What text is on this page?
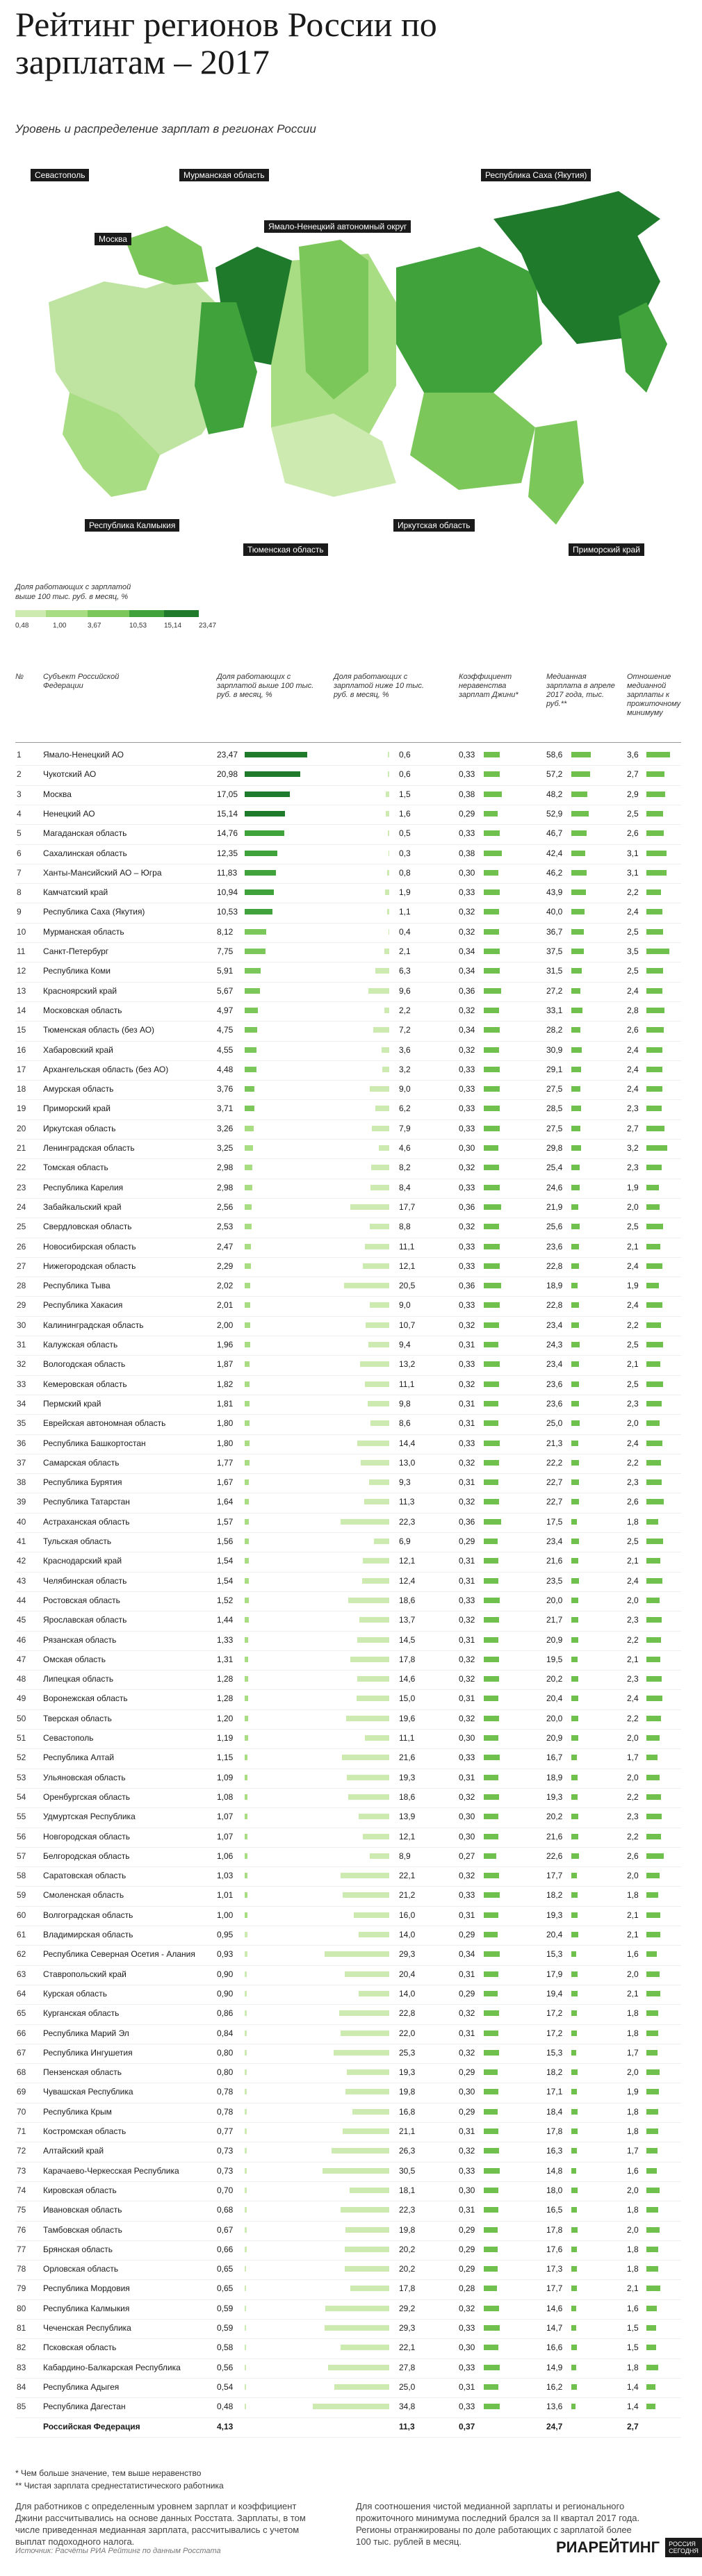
Рейтинг регионов России по зарплатам – 2017
Уровень и распределение зарплат в регионах России
Севастополь
Москва
Мурманская область
Ямало-Ненецкий автономный округ
Республика Саха (Якутия)
Республика Калмыкия
Тюменская область
Иркутская область
Приморский край
Доля работающих с зарплатой выше 100 тыс. руб. в месяц, %
0,48	1,00	3,67	10,53 15,14 23,47
№	Субъект Российской Федерации
Доля работающих с зарплатой выше 100 тыс. руб. в месяц, %
Доля работающих с зарплатой ниже 10 тыс. руб. в месяц, %
Коэффициент неравенства зарплат Джини*
Медианная зарплата в апреле 2017 года, тыс. руб.**
Отношение медианной зарплаты к прожиточному минимуму
1	Ямало-Ненецкий АО	23,47	0,6	0,33	58,6	3,6
2	Чукотский АО	20,98	0,6	0,33	57,2	2,7
3	Москва	17,05	1,5	0,38	48,2	2,9
4	Ненецкий АО	15,14	1,6	0,29	52,9	2,5
5	Магаданская область	14,76	0,5	0,33	46,7	2,6
6	Сахалинская область	12,35	0,3	0,38	42,4	3,1
7	Ханты-Мансийский АО – Югра	11,83	0,8	0,30	46,2	3,1
8	Камчатский край	10,94	1,9	0,33	43,9	2,2
9	Республика Саха (Якутия)	10,53	1,1	0,32	40,0	2,4
10 Мурманская область	8,12	0,4	0,32	36,7	2,5
11 Санкт-Петербург	7,75	2,1	0,34	37,5	3,5
12 Республика Коми	5,91	6,3	0,34	31,5	2,5
13 Красноярский край	5,67	9,6	0,36	27,2	2,4
14 Московская область	4,97	2,2	0,32	33,1	2,8
15 Тюменская область (без АО)	4,75	7,2	0,34	28,2	2,6
16 Хабаровский край	4,55	3,6	0,32	30,9	2,4
17 Архангельская область (без АО)	4,48	3,2	0,33	29,1	2,4
18 Амурская область	3,76	9,0	0,33	27,5	2,4
19 Приморский край	3,71	6,2	0,33	28,5	2,3
20 Иркутская область	3,26	7,9	0,33	27,5	2,7
21 Ленинградская область	3,25	4,6	0,30	29,8	3,2
22 Томская область	2,98	8,2	0,32	25,4	2,3
23 Республика Карелия	2,98	8,4	0,33	24,6	1,9
24 Забайкальский край	2,56	17,7	0,36	21,9	2,0
25 Свердловская область	2,53	8,8	0,32	25,6	2,5
26 Новосибирская область	2,47	11,1	0,33	23,6	2,1
27 Нижегородская область	2,29	12,1	0,33	22,8	2,4
28 Республика Тыва	2,02	20,5	0,36	18,9	1,9
29 Республика Хакасия	2,01	9,0	0,33	22,8	2,4
30 Калининградская область	2,00	10,7	0,32	23,4	2,2
31 Калужская область	1,96	9,4	0,31	24,3	2,5
32 Вологодская область	1,87	13,2	0,33	23,4	2,1
33 Кемеровская область	1,82	11,1	0,32	23,6	2,5
34 Пермский край	1,81	9,8	0,31	23,6	2,3
35 Еврейская автономная область	1,80	8,6	0,31	25,0	2,0
36 Республика Башкортостан	1,80	14,4	0,33	21,3	2,4
37 Самарская область	1,77	13,0	0,32	22,2	2,2
38 Республика Бурятия	1,67	9,3	0,31	22,7	2,3
39 Республика Татарстан	1,64	11,3	0,32	22,7	2,6
40 Астраханская область	1,57	22,3	0,36	17,5	1,8
41 Тульская область	1,56	6,9	0,29	23,4	2,5
42 Краснодарский край	1,54	12,1	0,31	21,6	2,1
43 Челябинская область	1,54	12,4	0,31	23,5	2,4
44 Ростовская область	1,52	18,6	0,33	20,0	2,0
45 Ярославская область	1,44	13,7	0,32	21,7	2,3
46 Рязанская область	1,33	14,5	0,31	20,9	2,2
47 Омская область	1,31	17,8	0,32	19,5	2,1
48 Липецкая область	1,28	14,6	0,32	20,2	2,3
49 Воронежская область	1,28	15,0	0,31	20,4	2,4
50 Тверская область	1,20	19,6	0,32	20,0	2,2
51 Севастополь	1,19	11,1	0,30	20,9	2,0
52 Республика Алтай	1,15	21,6	0,33	16,7	1,7
53 Ульяновская область	1,09	19,3	0,31	18,9	2,0
54 Оренбургская область	1,08	18,6	0,32	19,3	2,2
55 Удмуртская Республика	1,07	13,9	0,30	20,2	2,3
56 Новгородская область	1,07	12,1	0,30	21,6	2,2
57 Белгородская область	1,06	8,9	0,27	22,6	2,6
58 Саратовская область	1,03	22,1	0,32	17,7	2,0
59 Смоленская область	1,01	21,2	0,33	18,2	1,8
60 Волгоградская область	1,00	16,0	0,31	19,3	2,1
61 Владимирская область	0,95	14,0	0,29	20,4	2,1
62 Республика Северная Осетия - Алания	0,93	29,3	0,34	15,3	1,6
63 Ставропольский край	0,90	20,4	0,31	17,9	2,0
64 Курская область	0,90	14,0	0,29	19,4	2,1
65 Курганская область	0,86	22,8	0,32	17,2	1,8
66 Республика Марий Эл	0,84	22,0	0,31	17,2	1,8
67 Республика Ингушетия	0,80	25,3	0,32	15,3	1,7
68 Пензенская область	0,80	19,3	0,29	18,2	2,0
69 Чувашская Республика	0,78	19,8	0,30	17,1	1,9
70 Республика Крым	0,78	16,8	0,29	18,4	1,8
71 Костромская область	0,77	21,1	0,31	17,8	1,8
72 Алтайский край	0,73	26,3	0,32	16,3	1,7
73 Карачаево-Черкесская Республика	0,73	30,5	0,33	14,8	1,6
74 Кировская область	0,70	18,1	0,30	18,0	2,0
75 Ивановская область	0,68	22,3	0,31	16,5	1,8
76 Тамбовская область	0,67	19,8	0,29	17,8	2,0
77 Брянская область	0,66	20,2	0,29	17,6	1,8
78 Орловская область	0,65	20,2	0,29	17,3	1,8
79 Республика Мордовия	0,65	17,8	0,28	17,7	2,1
80 Республика Калмыкия	0,59	29,2	0,32	14,6	1,6
81 Чеченская Республика	0,59	29,3	0,33	14,7	1,5
82 Псковская область	0,58	22,1	0,30	16,6	1,5
83 Кабардино-Балкарская Республика	0,56	27,8	0,33	14,9	1,8
84 Республика Адыгея	0,54	25,0	0,31	16,2	1,4
85 Республика Дагестан	0,48	34,8	0,33	13,6	1,4
Российская Федерация	4,13	11,3	0,37	24,7	2,7
* Чем больше значение, тем выше неравенство
** Чистая зарплата среднестатистического работника
Для работников с определенным уровнем зарплат и коэффициент Джини рассчитывались на основе данных Росстата. Зарплаты, в том числе приведенная медианная зарплата, рассчитывались с учетом выплат подоходного налога.
Для соотношения чистой медианной зарплаты и регионального прожиточного минимума последний брался за II квартал 2017 года. Регионы отранжированы по доле работающих с зарплатой более 100 тыс. рублей в месяц.
Источник: Расчёты РИА Рейтинг по данным Росстата	РИАРЕЙТИНГ	РОССИЯ СЕГОДНЯ
